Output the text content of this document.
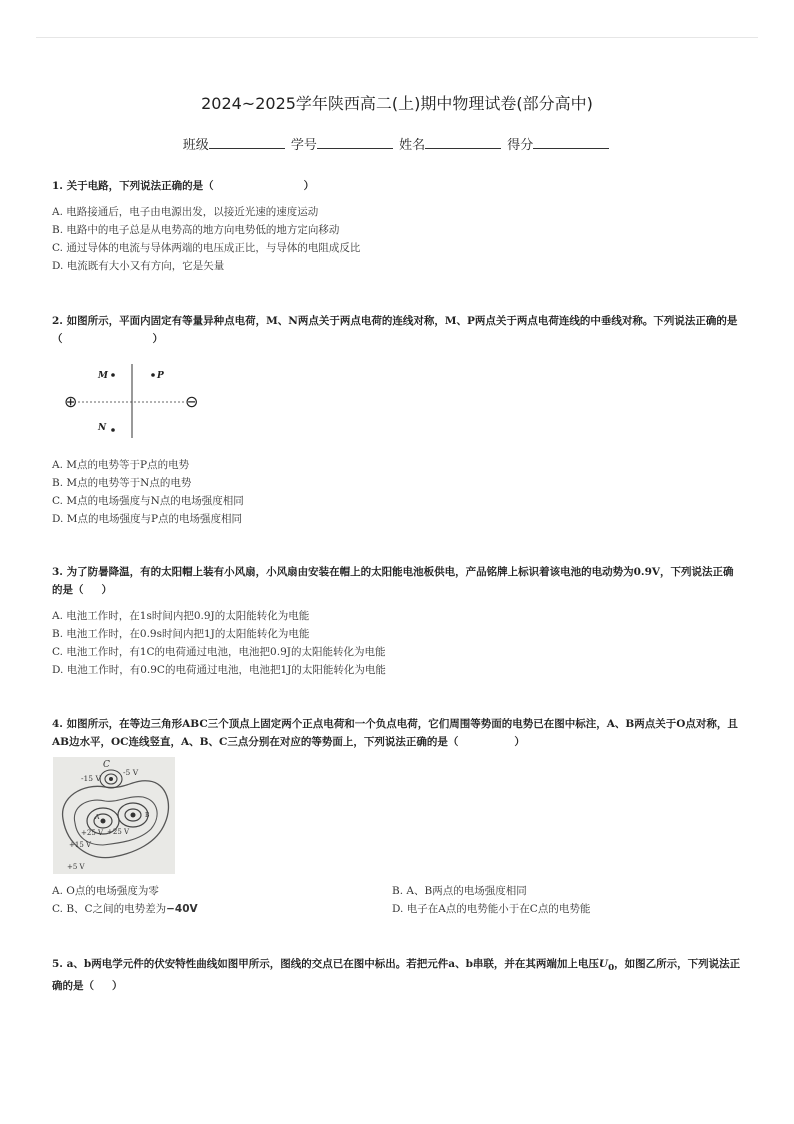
2024~2025学年陕西高二(上)期中物理试卷(部分高中)
班级	学号	姓名	得分
1. 关于电路，下列说法正确的是（	）
A. 电路接通后，电子由电源出发，以接近光速的速度运动
B. 电路中的电子总是从电势高的地方向电势低的地方定向移动
C. 通过导体的电流与导体两端的电压成正比，与导体的电阻成反比
D. 电流既有大小又有方向，它是矢量
2. 如图所示，平面内固定有等量异种点电荷，M、N两点关于两点电荷的连线对称，M、P两点关于两点电荷连线的中垂线对称。下列说法正确的是（	）
⊕	⊖
M	P
N
A. M点的电势等于P点的电势
B. M点的电势等于N点的电势
C. M点的电场强度与N点的电场强度相同
D. M点的电场强度与P点的电场强度相同
3. 为了防暑降温，有的太阳帽上装有小风扇，小风扇由安装在帽上的太阳能电池板供电，产品铭牌上标识着该电池的电动势为0.9V，下列说法正确的是（ ）
A. 电池工作时，在1s时间内把0.9J的太阳能转化为电能
B. 电池工作时，在0.9s时间内把1J的太阳能转化为电能
C. 电池工作时，有1C的电荷通过电池，电池把0.9J的太阳能转化为电能
D. 电池工作时，有0.9C的电荷通过电池，电池把1J的太阳能转化为电能
4. 如图所示，在等边三角形ABC三个顶点上固定两个正点电荷和一个负点电荷，它们周围等势面的电势已在图中标注，A、B两点关于O点对称，且AB边水平，OC连线竖直，A、B、C三点分别在对应的等势面上，下列说法正确的是（	）
C
-15 V
-5 V
+25 V +25 V
+15 V
+5 V
A	B
A. O点的电场强度为零	B. A、B两点的电场强度相同
C. B、C之间的电势差为−40V	D. 电子在A点的电势能小于在C点的电势能
5. a、b两电学元件的伏安特性曲线如图甲所示，图线的交点已在图中标出。若把元件a、b串联，并在其两端加上电压$U_0$，如图乙所示，下列说法正确的是（ ）
